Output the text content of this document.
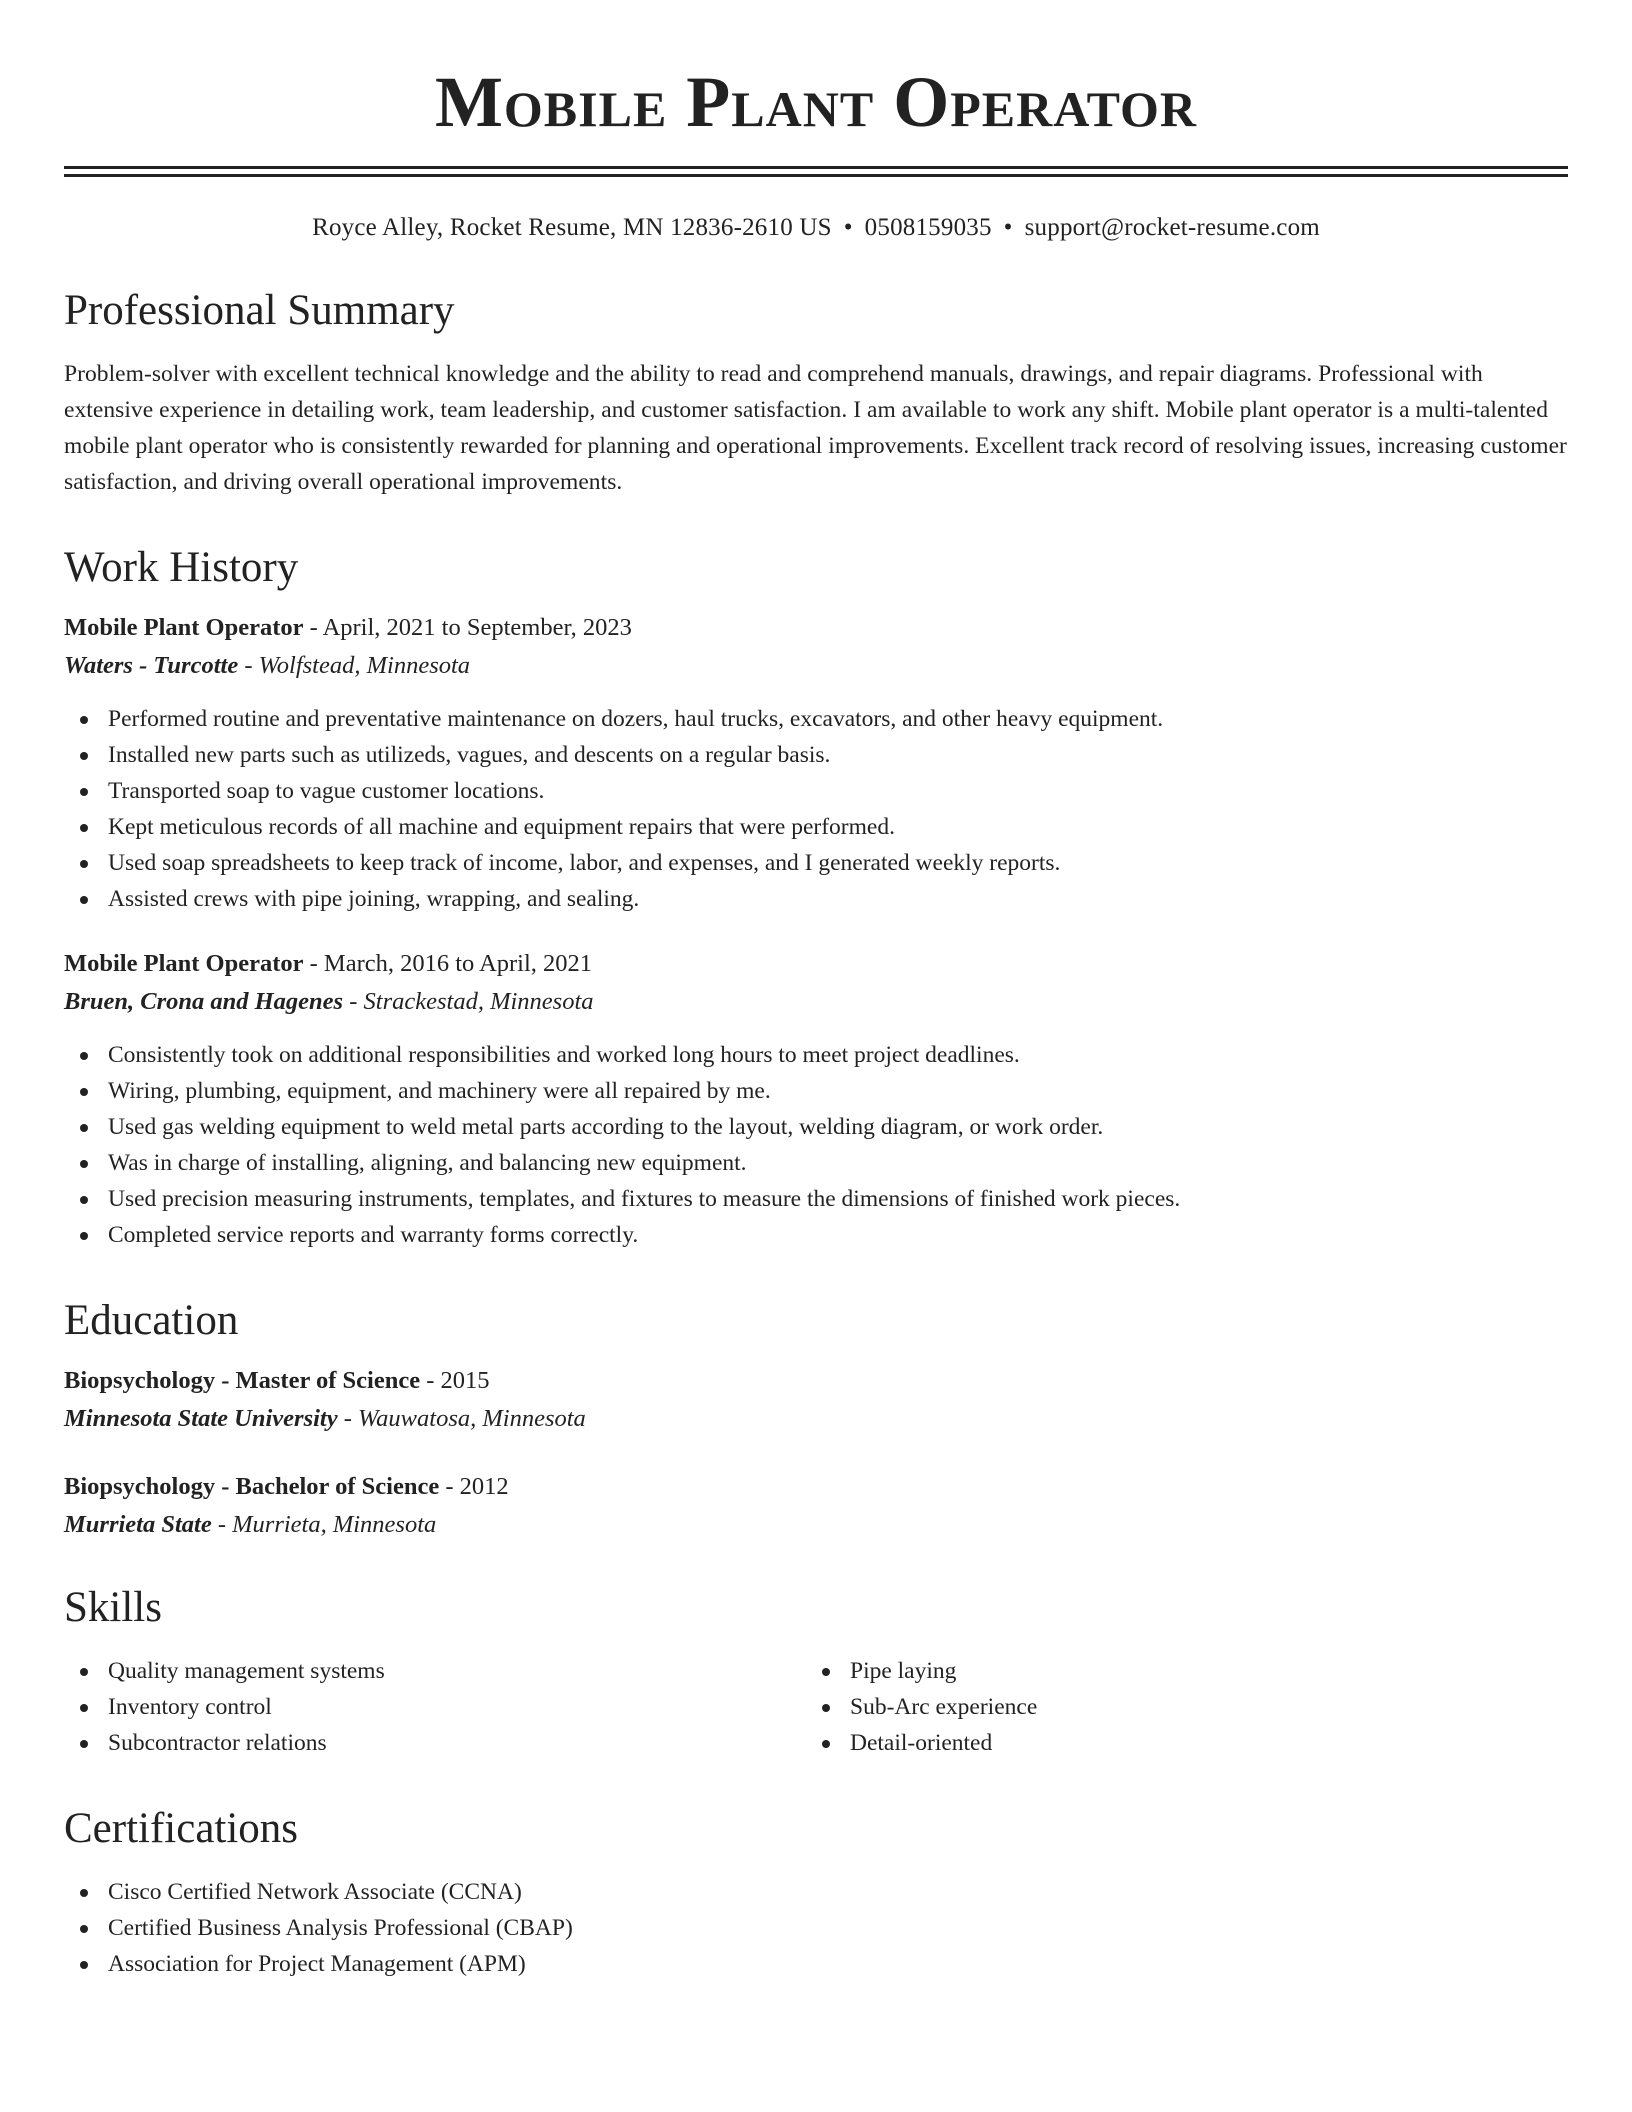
Mobile Plant Operator
Royce Alley, Rocket Resume, MN 12836-2610 US • 0508159035 • support@rocket-resume.com
Professional Summary

Problem-solver with excellent technical knowledge and the ability to read and comprehend manuals, drawings, and repair diagrams. Professional with extensive experience in detailing work, team leadership, and customer satisfaction. I am available to work any shift. Mobile plant operator is a multi-talented mobile plant operator who is consistently rewarded for planning and operational improvements. Excellent track record of resolving issues, increasing customer satisfaction, and driving overall operational improvements.

Work History
Mobile Plant Operator - April, 2021 to September, 2023
Waters - Turcotte - Wolfstead, Minnesota
Performed routine and preventative maintenance on dozers, haul trucks, excavators, and other heavy equipment.
Installed new parts such as utilizeds, vagues, and descents on a regular basis.
Transported soap to vague customer locations.
Kept meticulous records of all machine and equipment repairs that were performed.
Used soap spreadsheets to keep track of income, labor, and expenses, and I generated weekly reports.
Assisted crews with pipe joining, wrapping, and sealing.
Mobile Plant Operator - March, 2016 to April, 2021
Bruen, Crona and Hagenes - Strackestad, Minnesota
Consistently took on additional responsibilities and worked long hours to meet project deadlines.
Wiring, plumbing, equipment, and machinery were all repaired by me.
Used gas welding equipment to weld metal parts according to the layout, welding diagram, or work order.
Was in charge of installing, aligning, and balancing new equipment.
Used precision measuring instruments, templates, and fixtures to measure the dimensions of finished work pieces.
Completed service reports and warranty forms correctly.
Education
Biopsychology - Master of Science - 2015
Minnesota State University - Wauwatosa, Minnesota
Biopsychology - Bachelor of Science - 2012
Murrieta State - Murrieta, Minnesota
Skills
Quality management systems
Inventory control
Subcontractor relations
Pipe laying
Sub-Arc experience
Detail-oriented
Certifications
Cisco Certified Network Associate (CCNA)
Certified Business Analysis Professional (CBAP)
Association for Project Management (APM)
